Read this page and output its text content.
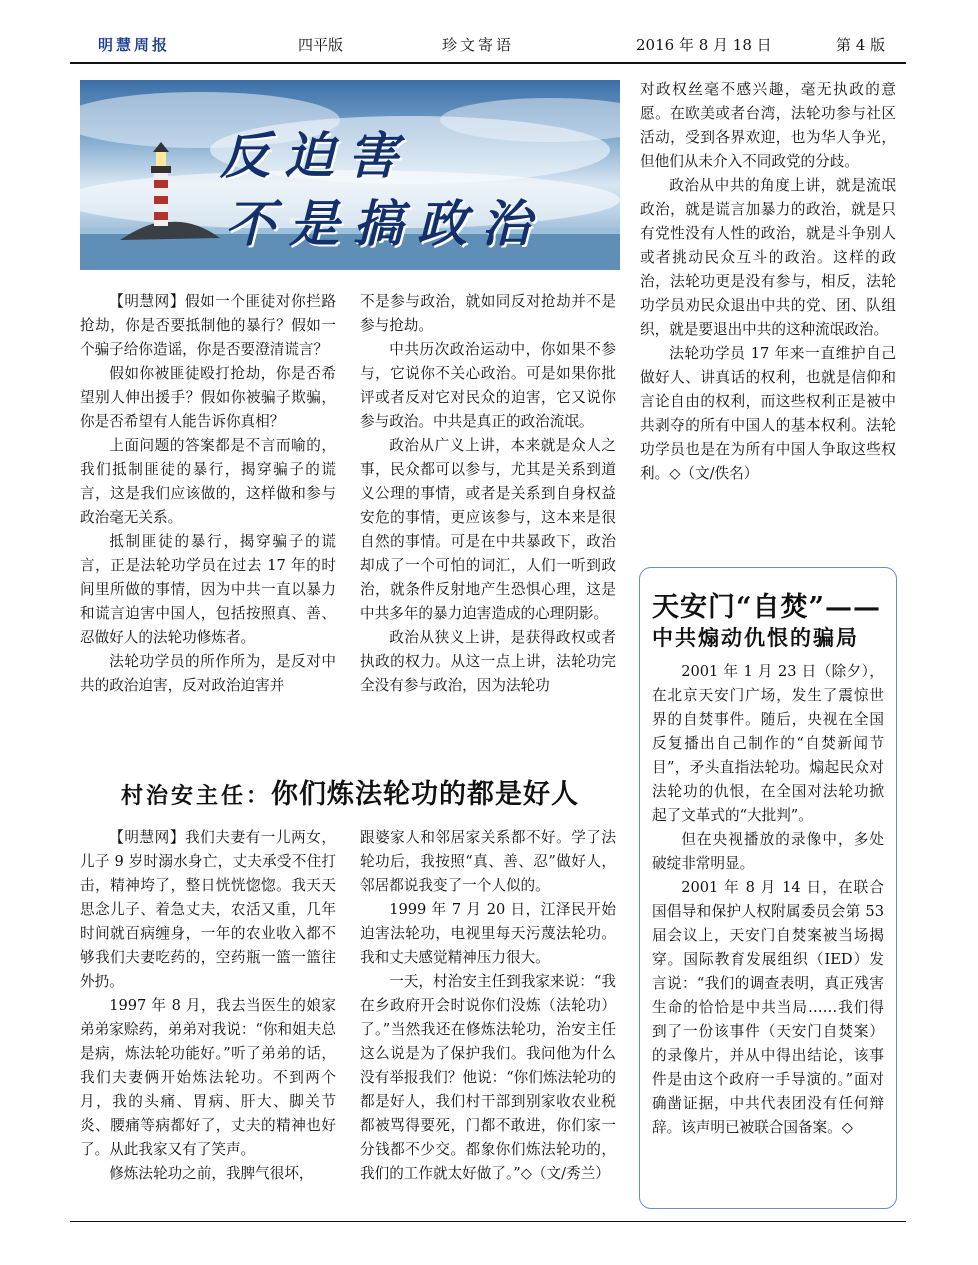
明慧周报	四平版	珍文寄语	2016 年 8 月 18 日	第 4 版
反迫害
不是搞政治

【明慧网】假如一个匪徒对你拦路抢劫，你是否要抵制他的暴行？假如一个骗子给你造谣，你是否要澄清谎言？

假如你被匪徒殴打抢劫，你是否希望别人伸出援手？假如你被骗子欺骗，你是否希望有人能告诉你真相？

上面问题的答案都是不言而喻的，我们抵制匪徒的暴行，揭穿骗子的谎言，这是我们应该做的，这样做和参与政治毫无关系。

抵制匪徒的暴行，揭穿骗子的谎言，正是法轮功学员在过去 17 年的时间里所做的事情，因为中共一直以暴力和谎言迫害中国人，包括按照真、善、忍做好人的法轮功修炼者。

法轮功学员的所作所为，是反对中共的政治迫害，反对政治迫害并

不是参与政治，就如同反对抢劫并不是参与抢劫。

中共历次政治运动中，你如果不参与，它说你不关心政治。可是如果你批评或者反对它对民众的迫害，它又说你参与政治。中共是真正的政治流氓。

政治从广义上讲，本来就是众人之事，民众都可以参与，尤其是关系到道义公理的事情，或者是关系到自身权益安危的事情，更应该参与，这本来是很自然的事情。可是在中共暴政下，政治却成了一个可怕的词汇，人们一听到政治，就条件反射地产生恐惧心理，这是中共多年的暴力迫害造成的心理阴影。

政治从狭义上讲，是获得政权或者执政的权力。从这一点上讲，法轮功完全没有参与政治，因为法轮功

对政权丝毫不感兴趣，毫无执政的意愿。在欧美或者台湾，法轮功参与社区活动，受到各界欢迎，也为华人争光，但他们从未介入不同政党的分歧。

政治从中共的角度上讲，就是流氓政治，就是谎言加暴力的政治，就是只有党性没有人性的政治，就是斗争别人或者挑动民众互斗的政治。这样的政治，法轮功更是没有参与，相反，法轮功学员劝民众退出中共的党、团、队组织，就是要退出中共的这种流氓政治。

法轮功学员 17 年来一直维护自己做好人、讲真话的权利，也就是信仰和言论自由的权利，而这些权利正是被中共剥夺的所有中国人的基本权利。法轮功学员也是在为所有中国人争取这些权利。◇（文/佚名）

村治安主任：你们炼法轮功的都是好人

【明慧网】我们夫妻有一儿两女，儿子 9 岁时溺水身亡，丈夫承受不住打击，精神垮了，整日恍恍惚惚。我天天思念儿子、着急丈夫，农活又重，几年时间就百病缠身，一年的农业收入都不够我们夫妻吃药的，空药瓶一篮一篮往外扔。

1997 年 8 月，我去当医生的娘家弟弟家赊药，弟弟对我说：“你和姐夫总是病，炼法轮功能好。”听了弟弟的话，我们夫妻俩开始炼法轮功。不到两个月，我的头痛、胃病、肝大、脚关节炎、腰痛等病都好了，丈夫的精神也好了。从此我家又有了笑声。

修炼法轮功之前，我脾气很坏，

跟婆家人和邻居家关系都不好。学了法轮功后，我按照“真、善、忍”做好人，邻居都说我变了一个人似的。

1999 年 7 月 20 日，江泽民开始迫害法轮功，电视里每天污蔑法轮功。我和丈夫感觉精神压力很大。

一天，村治安主任到我家来说：“我在乡政府开会时说你们没炼（法轮功）了。”当然我还在修炼法轮功，治安主任这么说是为了保护我们。我问他为什么没有举报我们？他说：“你们炼法轮功的都是好人，我们村干部到别家收农业税都被骂得要死，门都不敢进，你们家一分钱都不少交。都象你们炼法轮功的，我们的工作就太好做了。”◇（文/秀兰）

天安门“自焚”——
中共煽动仇恨的骗局

2001 年 1 月 23 日（除夕），在北京天安门广场，发生了震惊世界的自焚事件。随后，央视在全国反复播出自己制作的“自焚新闻节目”，矛头直指法轮功。煽起民众对法轮功的仇恨，在全国对法轮功掀起了文革式的“大批判”。

但在央视播放的录像中，多处破绽非常明显。

2001 年 8 月 14 日，在联合国倡导和保护人权附属委员会第 53 届会议上，天安门自焚案被当场揭穿。国际教育发展组织（IED）发言说：“我们的调查表明，真正残害生命的恰恰是中共当局……我们得到了一份该事件（天安门自焚案）的录像片，并从中得出结论，该事件是由这个政府一手导演的。”面对确凿证据，中共代表团没有任何辩辞。该声明已被联合国备案。◇
